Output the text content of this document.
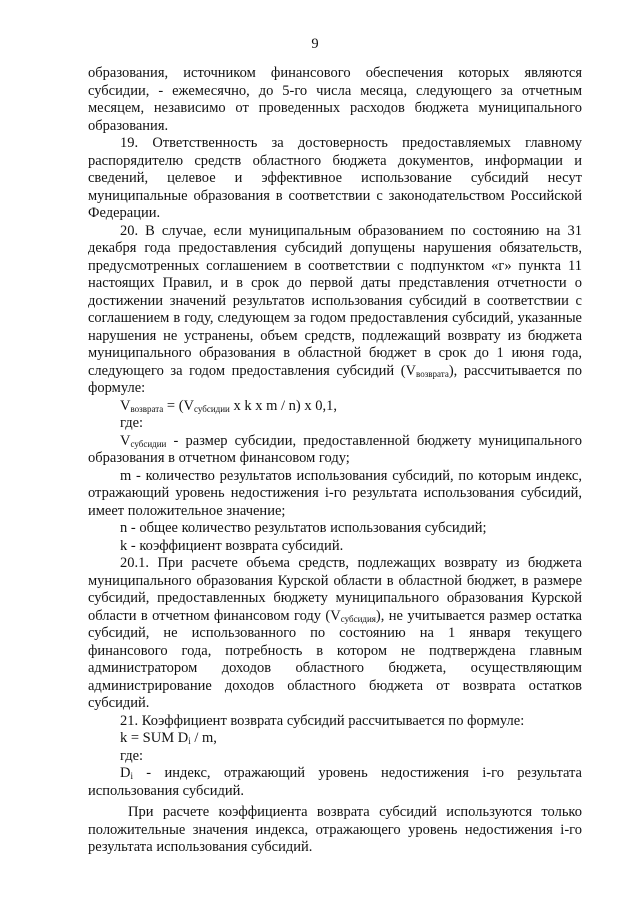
9

образования, источником финансового обеспечения которых являются субсидии, - ежемесячно, до 5-го числа месяца, следующего за отчетным месяцем, независимо от проведенных расходов бюджета муниципального образования.

19. Ответственность за достоверность предоставляемых главному распорядителю средств областного бюджета документов, информации и сведений, целевое и эффективное использование субсидий несут муниципальные образования в соответствии с законодательством Российской Федерации.

20. В случае, если муниципальным образованием по состоянию на 31 декабря года предоставления субсидий допущены нарушения обязательств, предусмотренных соглашением в соответствии с подпунктом «г» пункта 11 настоящих Правил, и в срок до первой даты представления отчетности о достижении значений результатов использования субсидий в соответствии с соглашением в году, следующем за годом предоставления субсидий, указанные нарушения не устранены, объем средств, подлежащий возврату из бюджета муниципального образования в областной бюджет в срок до 1 июня года, следующего за годом предоставления субсидий $(V_{возврата})$, рассчитывается по формуле:

$V_{возврата} = (V_{субсидии}$ x k x m / n) x 0,1,

где:

$V_{субсидии}$ - размер субсидии, предоставленной бюджету муниципального образования в отчетном финансовом году;

m - количество результатов использования субсидий, по которым индекс, отражающий уровень недостижения i-го результата использования субсидий, имеет положительное значение;

n - общее количество результатов использования субсидий;

k - коэффициент возврата субсидий.

20.1. При расчете объема средств, подлежащих возврату из бюджета муниципального образования Курской области в областной бюджет, в размере субсидий, предоставленных бюджету муниципального образования Курской области в отчетном финансовом году $(V_{субсидия})$, не учитывается размер остатка субсидий, не использованного по состоянию на 1 января текущего финансового года, потребность в котором не подтверждена главным администратором доходов областного бюджета, осуществляющим администрирование доходов областного бюджета от возврата остатков субсидий.

21. Коэффициент возврата субсидий рассчитывается по формуле:

k = SUM $D_i$ / m,

где:

$D_i$ - индекс, отражающий уровень недостижения i-го результата использования субсидий.

При расчете коэффициента возврата субсидий используются только положительные значения индекса, отражающего уровень недостижения i-го результата использования субсидий.
